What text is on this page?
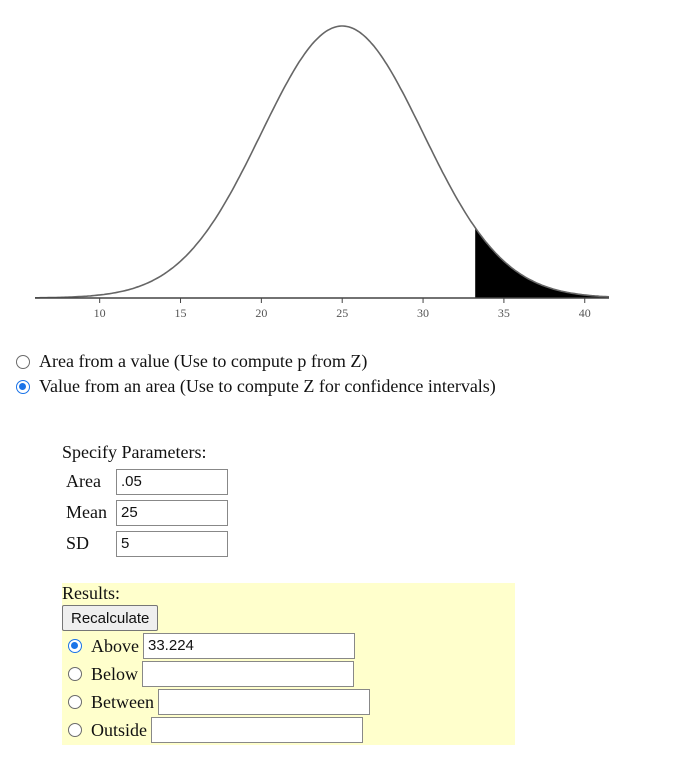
10	15	20	25	30	35	40
Area from a value (Use to compute p from Z)
Value from an area (Use to compute Z for confidence intervals)
Specify Parameters:
Area	.05
Mean 25
SD	5
Results:
Recalculate
Above 33.224
Below
Between
Outside
